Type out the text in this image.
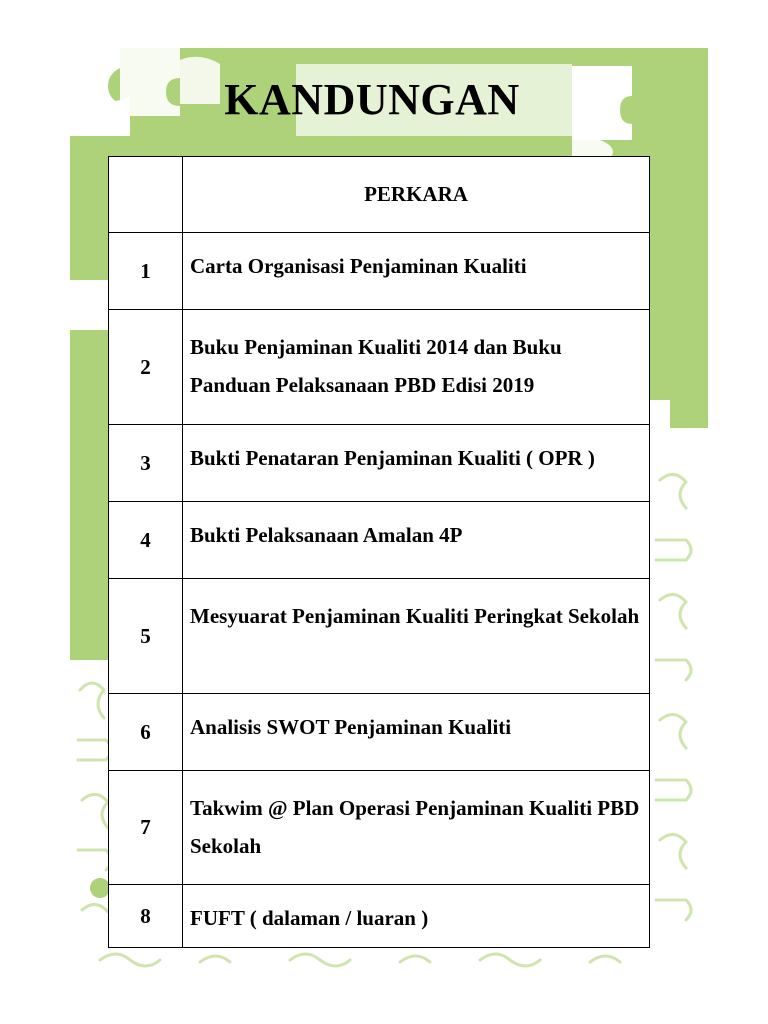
KANDUNGAN
	PERKARA
1	Carta Organisasi Penjaminan Kualiti
2	Buku Penjaminan Kualiti 2014 dan Buku Panduan Pelaksanaan PBD Edisi 2019
3	Bukti Penataran Penjaminan Kualiti ( OPR )
4	Bukti Pelaksanaan Amalan 4P
5	Mesyuarat Penjaminan Kualiti Peringkat Sekolah
6	Analisis SWOT Penjaminan Kualiti
7	Takwim @ Plan Operasi Penjaminan Kualiti PBD Sekolah
8	FUFT ( dalaman / luaran )
